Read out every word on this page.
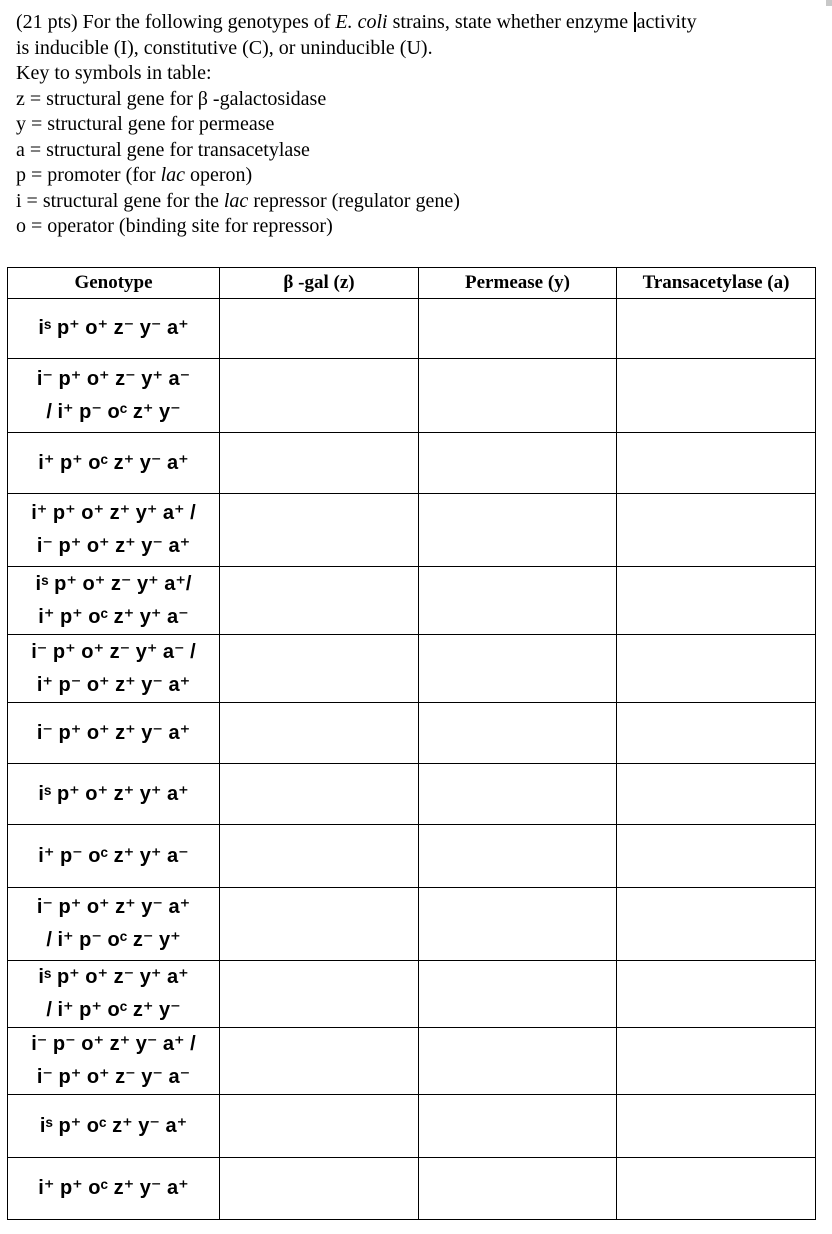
(21 pts) For the following genotypes of E. coli strains, state whether enzyme activity
is inducible (I), constitutive (C), or uninducible (U).
Key to symbols in table:
z = structural gene for β -galactosidase
y = structural gene for permease
a = structural gene for transacetylase
p = promoter (for lac operon)
i = structural gene for the lac repressor (regulator gene)
o = operator (binding site for repressor)
Genotype	β -gal (z)	Permease (y)	Transacetylase (a)

iˢ p⁺ o⁺ z⁻ y⁻ a⁺			

i⁻ p⁺ o⁺ z⁻ y⁺ a⁻
/ i⁺ p⁻ oᶜ z⁺ y⁻			

i⁺ p⁺ oᶜ z⁺ y⁻ a⁺			

i⁺ p⁺ o⁺ z⁺ y⁺ a⁺ /
i⁻ p⁺ o⁺ z⁺ y⁻ a⁺			

iˢ p⁺ o⁺ z⁻ y⁺ a⁺/
i⁺ p⁺ oᶜ z⁺ y⁺ a⁻			

i⁻ p⁺ o⁺ z⁻ y⁺ a⁻ /
i⁺ p⁻ o⁺ z⁺ y⁻ a⁺			

i⁻ p⁺ o⁺ z⁺ y⁻ a⁺			

iˢ p⁺ o⁺ z⁺ y⁺ a⁺			

i⁺ p⁻ oᶜ z⁺ y⁺ a⁻			

i⁻ p⁺ o⁺ z⁺ y⁻ a⁺
/ i⁺ p⁻ oᶜ z⁻ y⁺			

iˢ p⁺ o⁺ z⁻ y⁺ a⁺
/ i⁺ p⁺ oᶜ z⁺ y⁻			

i⁻ p⁻ o⁺ z⁺ y⁻ a⁺ /
i⁻ p⁺ o⁺ z⁻ y⁻ a⁻			

iˢ p⁺ oᶜ z⁺ y⁻ a⁺			

i⁺ p⁺ oᶜ z⁺ y⁻ a⁺			
